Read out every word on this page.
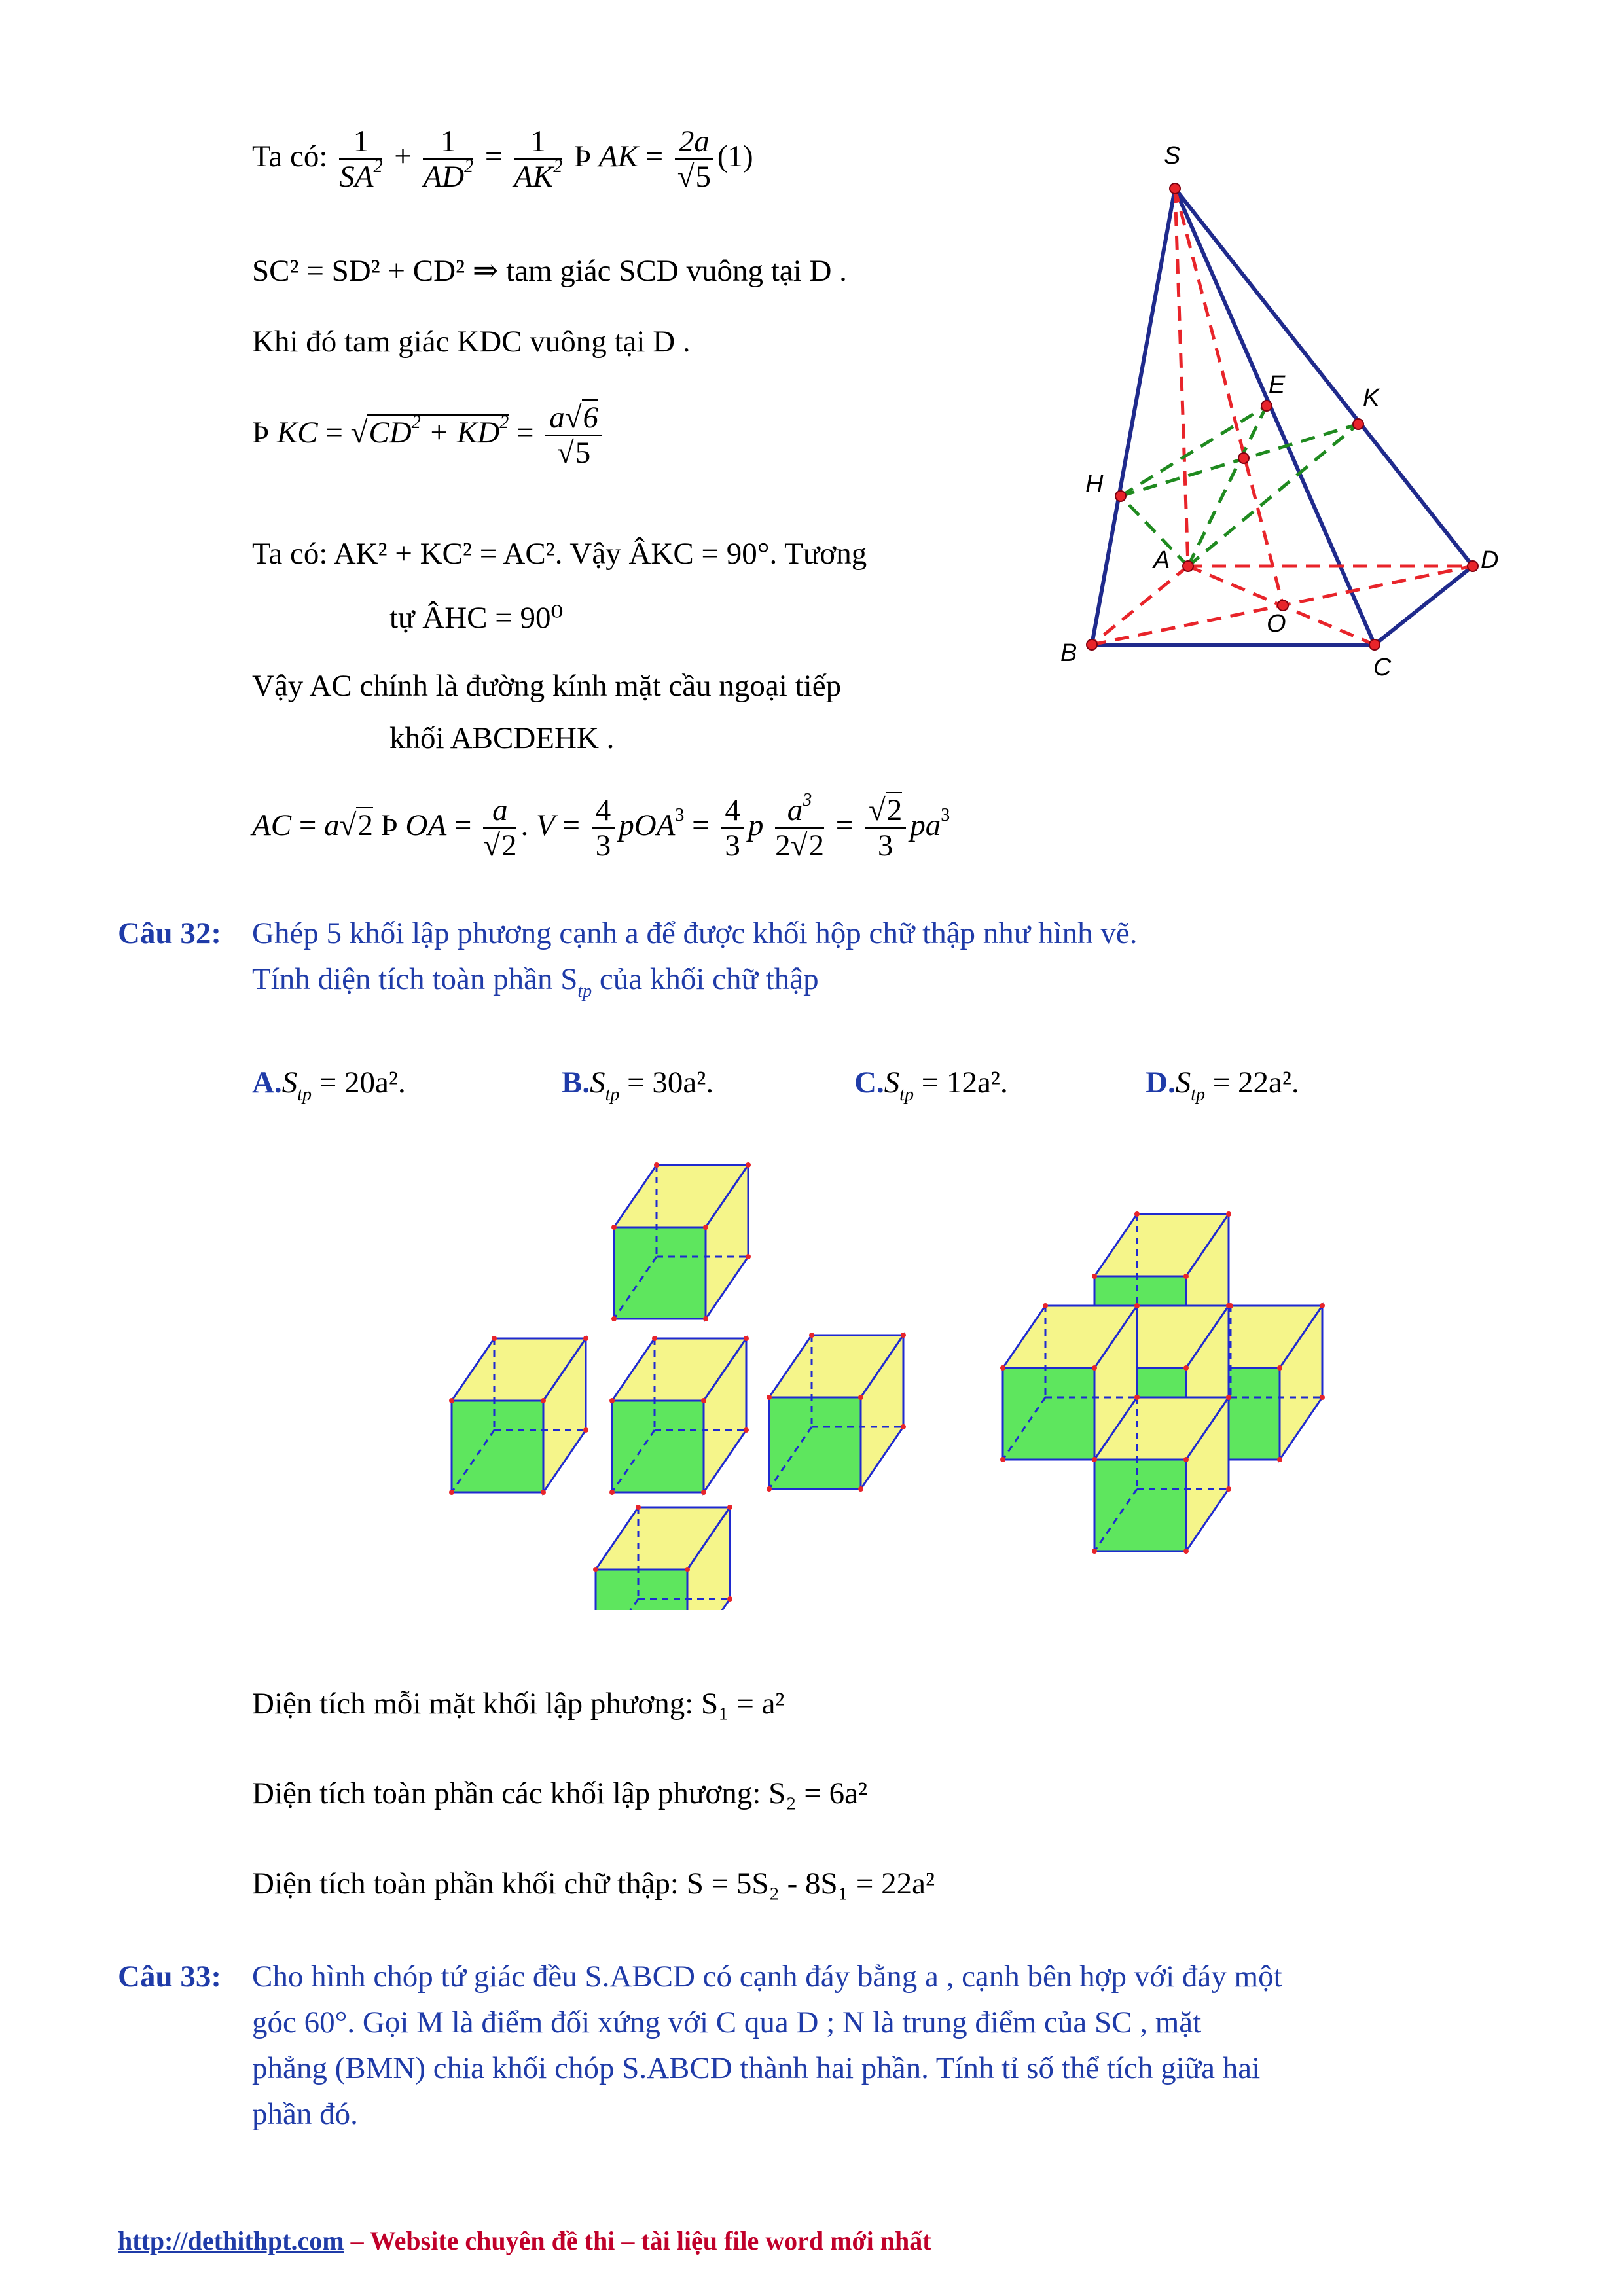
Ta có: $\frac{1}{SA^2} + \frac{1}{AD^2} = \frac{1}{AK^2}$ Þ AK = $\frac{2a}{√5} (1)$
SC² = SD² + CD² ⇒ tam giác SCD vuông tại D .
Khi đó tam giác KDC vuông tại D .
Þ KC = $√CD^2 + KD^2 = \frac{a√6}{√5}$
Ta có: AK² + KC² = AC². Vậy ÂKC = 90°. Tương
tự ÂHC = 90⁰
Vậy AC chính là đường kính mặt cầu ngoại tiếp
khối ABCDEHK .
AC = a√2 Þ OA = $\frac{a}{√2}$ . $V = \frac{4}{3} pOA^3 = \frac{4}{3}$ p $\frac{a^3}{2√2} = \frac{√2}{3} pa^3$
S
E	K
H
A	D
O
B
C
Câu 32: Ghép 5 khối lập phương cạnh a để được khối hộp chữ thập như hình vẽ.
Tính diện tích toàn phần $S_{tp}$ của khối chữ thập
$A.S_{tp} = 20a^2$.	$B.S_{tp} = 30a^2$.	$C.S_{tp} = 12a^2$.	$D.S_{tp} = 22a^2$.
Diện tích mỗi mặt khối lập phương: S₁ = a²
Diện tích toàn phần các khối lập phương: S₂ = 6a²
Diện tích toàn phần khối chữ thập: S = 5S₂ - 8S₁ = 22a²
Câu 33: Cho hình chóp tứ giác đều S.ABCD có cạnh đáy bằng a , cạnh bên hợp với đáy một
góc 60°. Gọi M là điểm đối xứng với C qua D ; N là trung điểm của SC , mặt
phẳng (BMN) chia khối chóp S.ABCD thành hai phần. Tính tỉ số thể tích giữa hai
phần đó.
http://dethithpt.com – Website chuyên đề thi – tài liệu file word mới nhất
